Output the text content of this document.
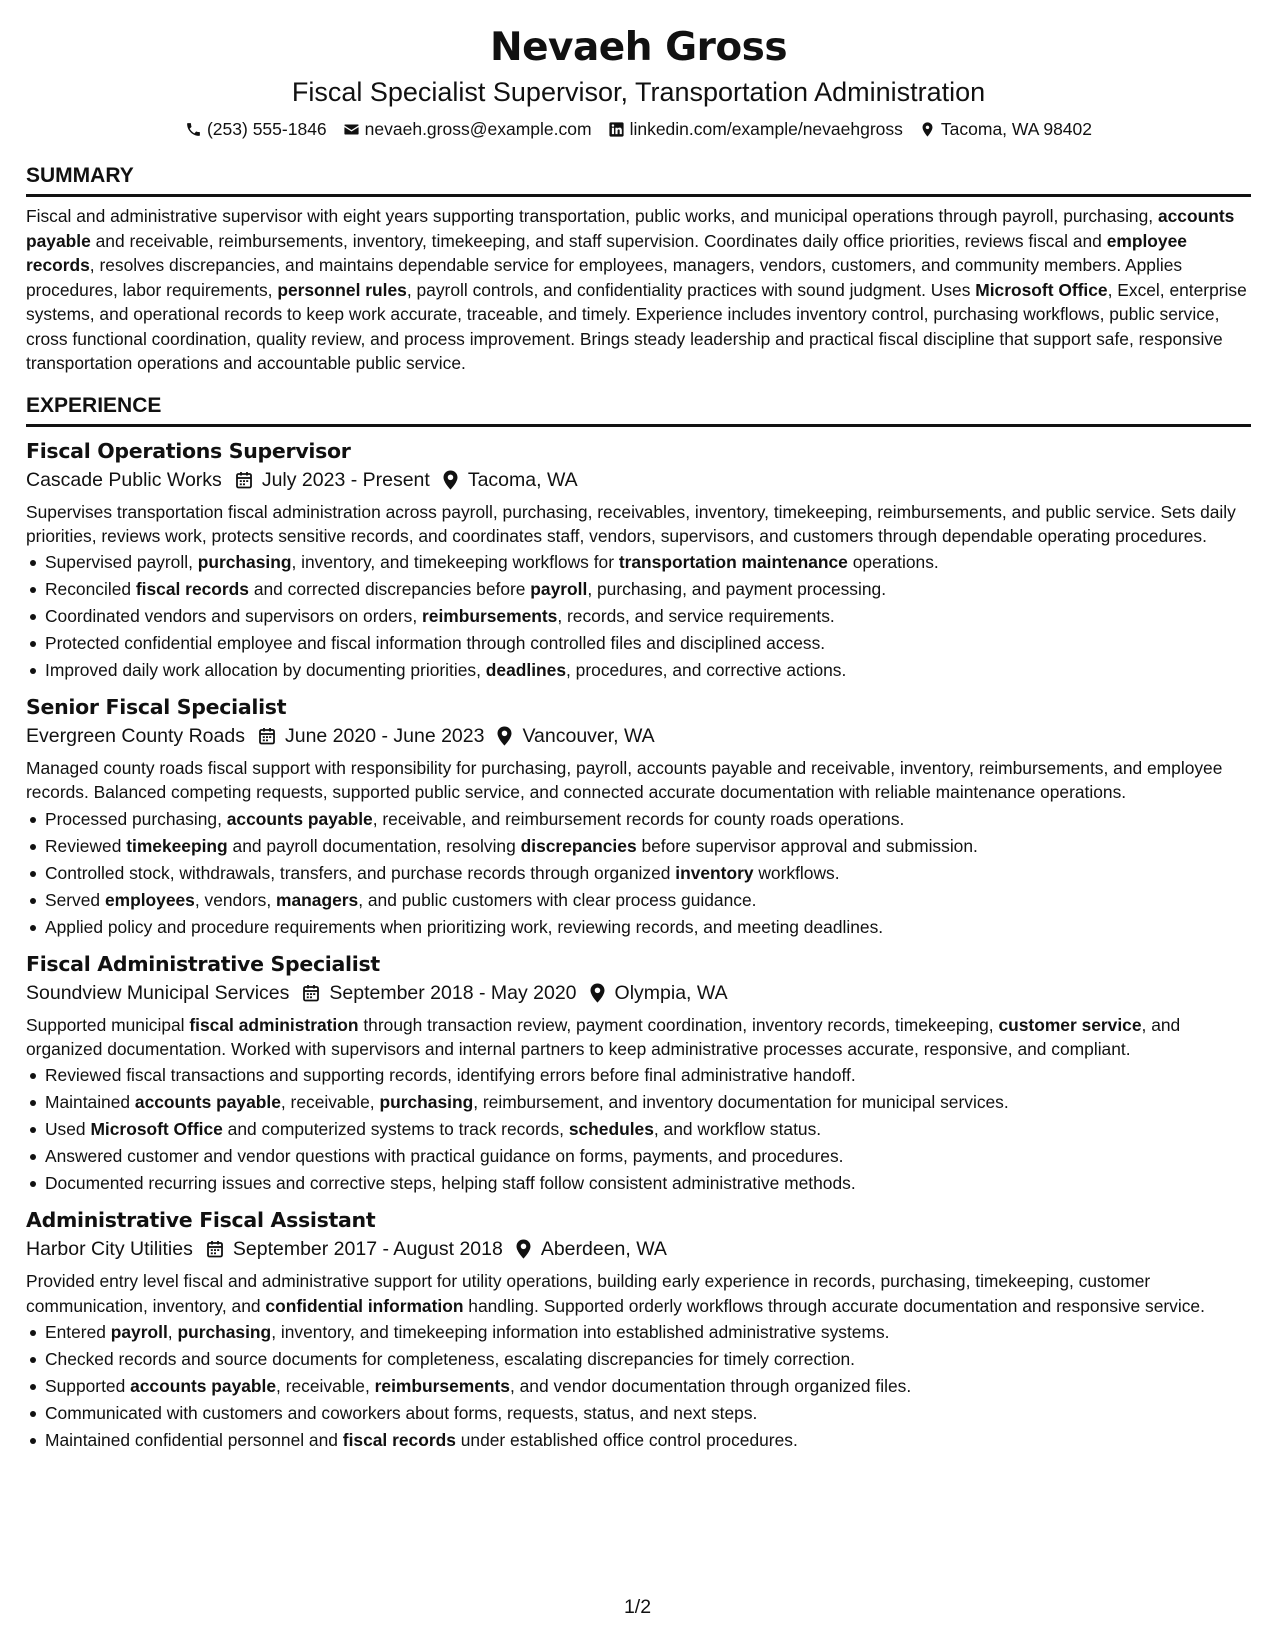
Nevaeh Gross
Fiscal Specialist Supervisor, Transportation Administration
(253) 555-1846 nevaeh.gross@example.com linkedin.com/example/nevaehgross Tacoma, WA 98402
SUMMARY
Fiscal and administrative supervisor with eight years supporting transportation, public works, and municipal operations through payroll, purchasing, accounts payable and receivable, reimbursements, inventory, timekeeping, and staff supervision. Coordinates daily office priorities, reviews fiscal and employee records, resolves discrepancies, and maintains dependable service for employees, managers, vendors, customers, and community members. Applies procedures, labor requirements, personnel rules, payroll controls, and confidentiality practices with sound judgment. Uses Microsoft Office, Excel, enterprise systems, and operational records to keep work accurate, traceable, and timely. Experience includes inventory control, purchasing workflows, public service, cross functional coordination, quality review, and process improvement. Brings steady leadership and practical fiscal discipline that support safe, responsive transportation operations and accountable public service.
EXPERIENCE
Fiscal Operations Supervisor
Cascade Public Works July 2023 - Present Tacoma, WA
Supervises transportation fiscal administration across payroll, purchasing, receivables, inventory, timekeeping, reimbursements, and public service. Sets daily priorities, reviews work, protects sensitive records, and coordinates staff, vendors, supervisors, and customers through dependable operating procedures.
Supervised payroll, purchasing, inventory, and timekeeping workflows for transportation maintenance operations.
Reconciled fiscal records and corrected discrepancies before payroll, purchasing, and payment processing.
Coordinated vendors and supervisors on orders, reimbursements, records, and service requirements.
Protected confidential employee and fiscal information through controlled files and disciplined access.
Improved daily work allocation by documenting priorities, deadlines, procedures, and corrective actions.
Senior Fiscal Specialist
Evergreen County Roads June 2020 - June 2023 Vancouver, WA
Managed county roads fiscal support with responsibility for purchasing, payroll, accounts payable and receivable, inventory, reimbursements, and employee records. Balanced competing requests, supported public service, and connected accurate documentation with reliable maintenance operations.
Processed purchasing, accounts payable, receivable, and reimbursement records for county roads operations.
Reviewed timekeeping and payroll documentation, resolving discrepancies before supervisor approval and submission.
Controlled stock, withdrawals, transfers, and purchase records through organized inventory workflows.
Served employees, vendors, managers, and public customers with clear process guidance.
Applied policy and procedure requirements when prioritizing work, reviewing records, and meeting deadlines.
Fiscal Administrative Specialist
Soundview Municipal Services September 2018 - May 2020 Olympia, WA
Supported municipal fiscal administration through transaction review, payment coordination, inventory records, timekeeping, customer service, and organized documentation. Worked with supervisors and internal partners to keep administrative processes accurate, responsive, and compliant.
Reviewed fiscal transactions and supporting records, identifying errors before final administrative handoff.
Maintained accounts payable, receivable, purchasing, reimbursement, and inventory documentation for municipal services.
Used Microsoft Office and computerized systems to track records, schedules, and workflow status.
Answered customer and vendor questions with practical guidance on forms, payments, and procedures.
Documented recurring issues and corrective steps, helping staff follow consistent administrative methods.
Administrative Fiscal Assistant
Harbor City Utilities September 2017 - August 2018 Aberdeen, WA
Provided entry level fiscal and administrative support for utility operations, building early experience in records, purchasing, timekeeping, customer communication, inventory, and confidential information handling. Supported orderly workflows through accurate documentation and responsive service.
Entered payroll, purchasing, inventory, and timekeeping information into established administrative systems.
Checked records and source documents for completeness, escalating discrepancies for timely correction.
Supported accounts payable, receivable, reimbursements, and vendor documentation through organized files.
Communicated with customers and coworkers about forms, requests, status, and next steps.
Maintained confidential personnel and fiscal records under established office control procedures.
1/2
